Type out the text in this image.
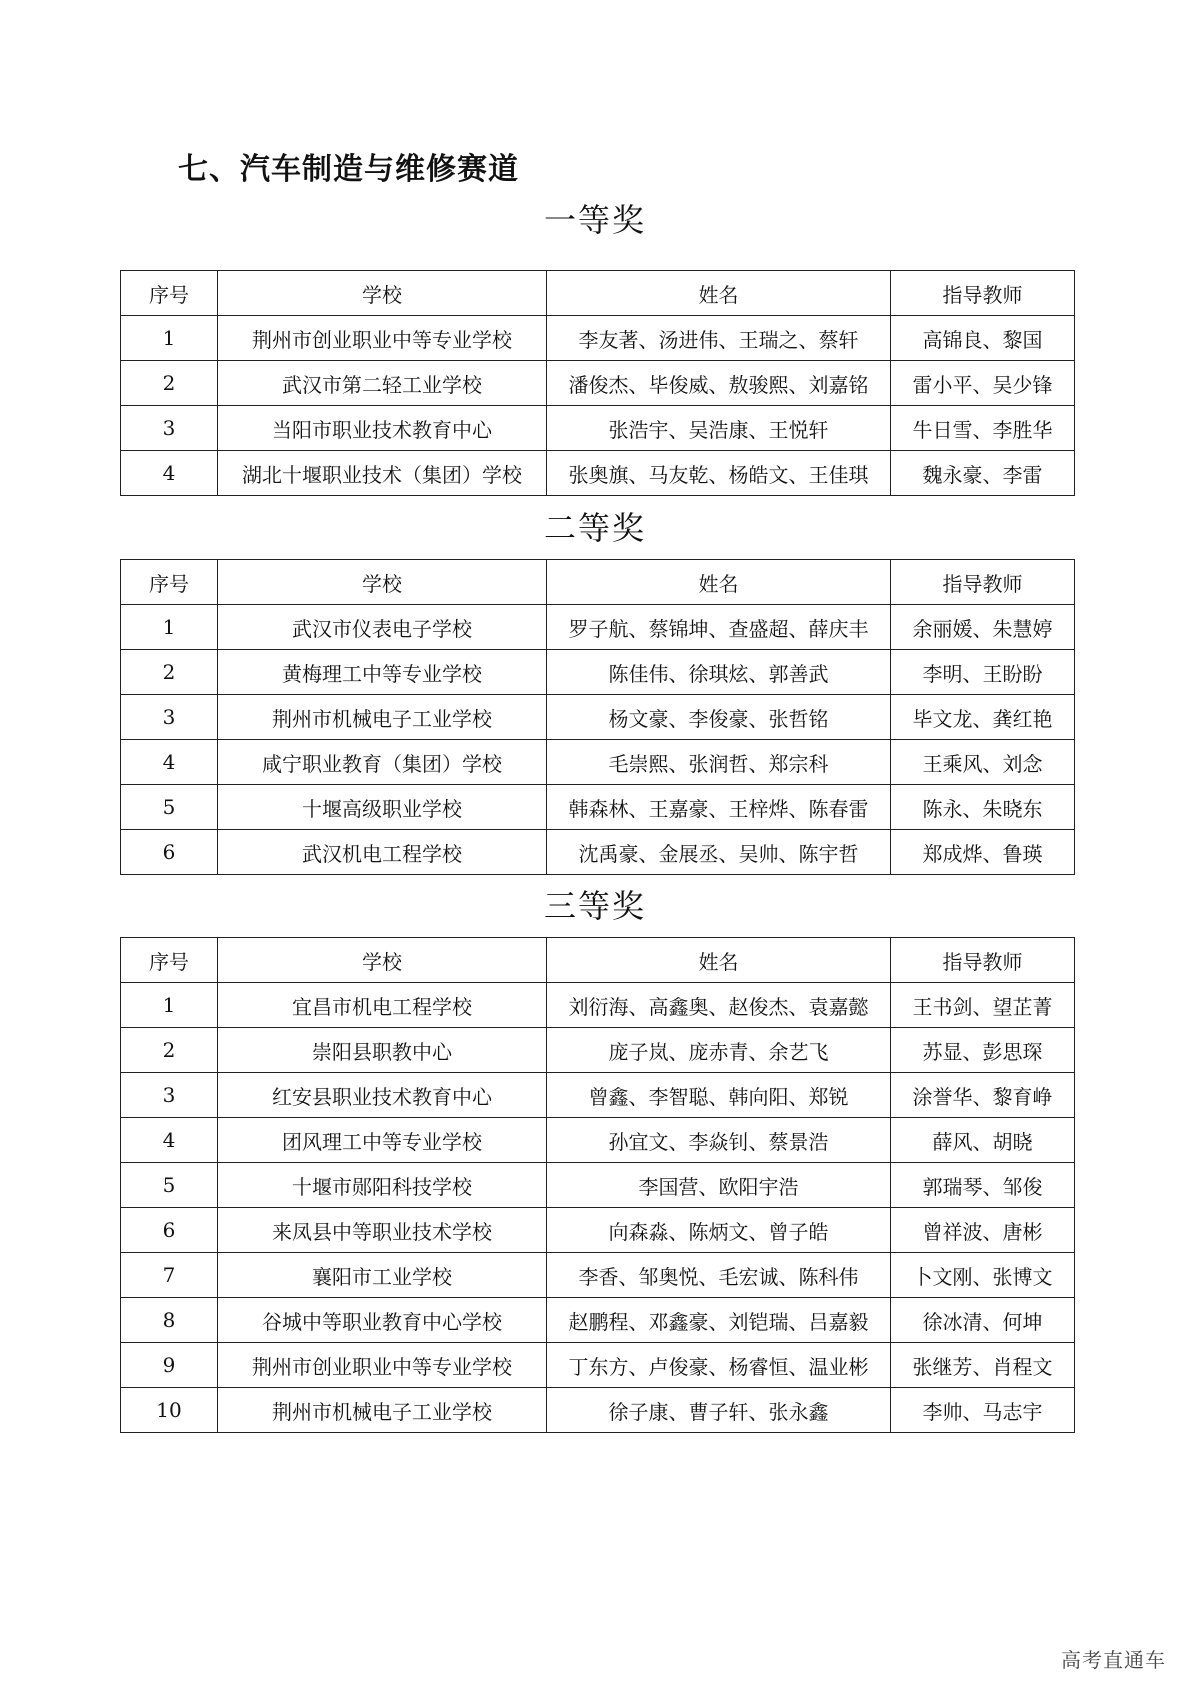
七、汽车制造与维修赛道
一等奖
序号	学校	姓名	指导教师
1	荆州市创业职业中等专业学校	李友著、汤进伟、王瑞之、蔡轩	高锦良、黎国
2	武汉市第二轻工业学校	潘俊杰、毕俊威、敖骏熙、刘嘉铭	雷小平、吴少锋
3	当阳市职业技术教育中心	张浩宇、吴浩康、王悦轩	牛日雪、李胜华
4	湖北十堰职业技术（集团）学校	张奥旗、马友乾、杨皓文、王佳琪	魏永豪、李雷
二等奖
序号	学校	姓名	指导教师
1	武汉市仪表电子学校	罗子航、蔡锦坤、查盛超、薛庆丰	余丽媛、朱慧婷
2	黄梅理工中等专业学校	陈佳伟、徐琪炫、郭善武	李明、王盼盼
3	荆州市机械电子工业学校	杨文豪、李俊豪、张哲铭	毕文龙、龚红艳
4	咸宁职业教育（集团）学校	毛崇熙、张润哲、郑宗科	王乘风、刘念
5	十堰高级职业学校	韩森林、王嘉豪、王梓烨、陈春雷	陈永、朱晓东
6	武汉机电工程学校	沈禹豪、金展丞、吴帅、陈宇哲	郑成烨、鲁瑛
三等奖
序号	学校	姓名	指导教师
1	宜昌市机电工程学校	刘衍海、高鑫奥、赵俊杰、袁嘉懿	王书剑、望芷菁
2	崇阳县职教中心	庞子岚、庞赤青、余艺飞	苏显、彭思琛
3	红安县职业技术教育中心	曾鑫、李智聪、韩向阳、郑锐	涂誉华、黎育峥
4	团风理工中等专业学校	孙宜文、李焱钊、蔡景浩	薛风、胡晓
5	十堰市郧阳科技学校	李国营、欧阳宇浩	郭瑞琴、邹俊
6	来凤县中等职业技术学校	向森淼、陈炳文、曾子皓	曾祥波、唐彬
7	襄阳市工业学校	李香、邹奥悦、毛宏诚、陈科伟	卜文刚、张博文
8	谷城中等职业教育中心学校	赵鹏程、邓鑫豪、刘铠瑞、吕嘉毅	徐冰清、何坤
9	荆州市创业职业中等专业学校	丁东方、卢俊豪、杨睿恒、温业彬	张继芳、肖程文
10	荆州市机械电子工业学校	徐子康、曹子轩、张永鑫	李帅、马志宇
高考直通车
